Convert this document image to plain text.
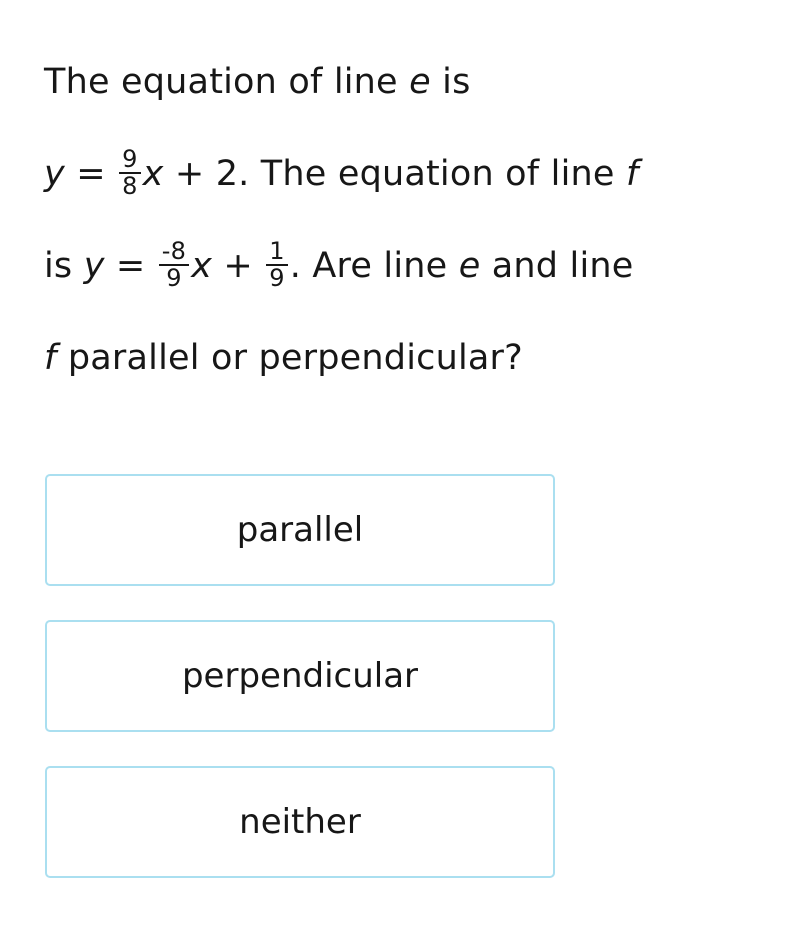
The equation of line e is
$y = \frac{9}{8}$ x + 2. The equation of line f
is $y = \frac{‑8}{9}$ $x + \frac{1}{9}$ . Are line e and line
f parallel or perpendicular?
parallel
perpendicular
neither
